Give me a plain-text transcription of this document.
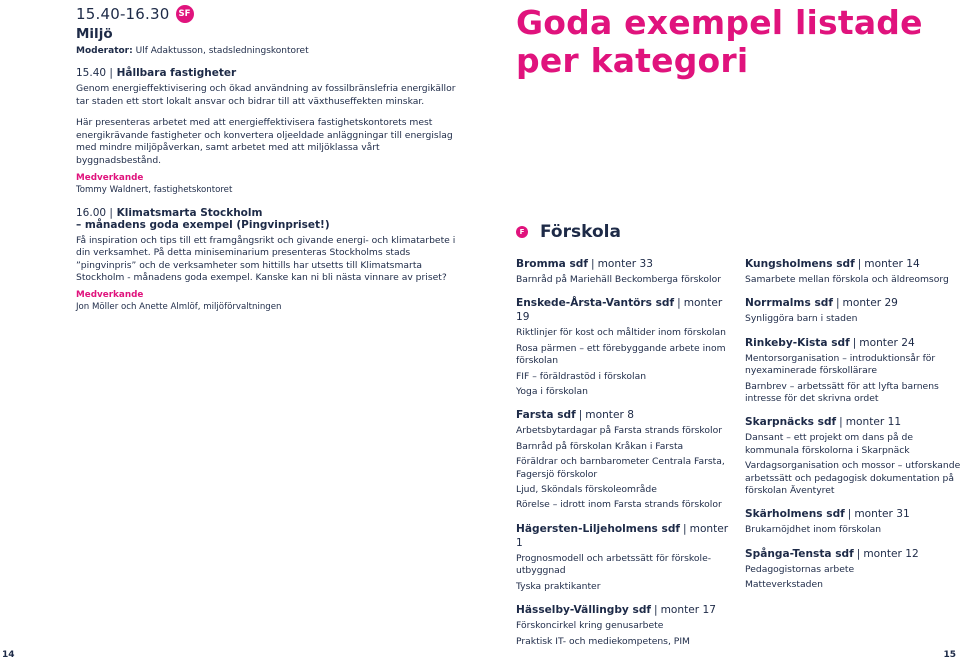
15.40-16.30	SF
Miljö
Moderator: Ulf Adaktusson, stadsledningskontoret
15.40 | Hållbara fastigheter

Genom energieffektivisering och ökad användning av fossilbränslefria energikällor tar staden ett stort lokalt ansvar och bidrar till att växthuseffekten minskar.

Här presenteras arbetet med att energieffektivisera fastighetskontorets mest energikrävande fastigheter och konvertera oljeeldade anläggningar till energislag med mindre miljöpåverkan, samt arbetet med att miljöklassa vårt byggnadsbestånd.

Medverkande
Tommy Waldnert, fastighetskontoret
16.00 | Klimatsmarta Stockholm
– månadens goda exempel (Pingvinpriset!)

Få inspiration och tips till ett framgångsrikt och givande energi- och klimatarbete i din verksamhet. På detta miniseminarium presenteras Stockholms stads ”pingvinpris” och de verksamheter som hittills har utsetts till Klimatsmarta Stockholm - månadens goda exempel. Kanske kan ni bli nästa vinnare av priset?

Medverkande
Jon Möller och Anette Almlöf, miljöförvaltningen
Goda exempel listade per kategori
F Förskola
Bromma sdf | monter 33
Barnråd på Mariehäll Beckomberga förskolor
Enskede-Årsta-Vantörs sdf | monter 19
Riktlinjer för kost och måltider inom förskolan
Rosa pärmen – ett förebyggande arbete inom förskolan
FIF – föräldrastöd i förskolan
Yoga i förskolan
Farsta sdf | monter 8
Arbetsbytardagar på Farsta strands förskolor
Barnråd på förskolan Kråkan i Farsta
Föräldrar och barnbarometer Centrala Farsta, Fagersjö förskolor
Ljud, Sköndals förskoleområde
Rörelse – idrott inom Farsta strands förskolor
Hägersten-Liljeholmens sdf | monter 1
Prognosmodell och arbetssätt för förskoleutbyggnad
Tyska praktikanter
Hässelby-Vällingby sdf | monter 17
Förskoncirkel kring genusarbete
Praktisk IT- och mediekompetens, PIM
Kungsholmens sdf | monter 14
Samarbete mellan förskola och äldreomsorg
Norrmalms sdf | monter 29
Synliggöra barn i staden
Rinkeby-Kista sdf | monter 24
Mentorsorganisation – introduktionsår för nyexaminerade förskollärare
Barnbrev – arbetssätt för att lyfta barnens intresse för det skrivna ordet
Skarpnäcks sdf | monter 11
Dansant – ett projekt om dans på de kommunala förskolorna i Skarpnäck
Vardagsorganisation och mossor – utforskande arbetssätt och pedagogisk dokumentation på förskolan Äventyret
Skärholmens sdf | monter 31
Brukarnöjdhet inom förskolan
Spånga-Tensta sdf | monter 12
Pedagogistornas arbete
Matteverkstaden
14	15
